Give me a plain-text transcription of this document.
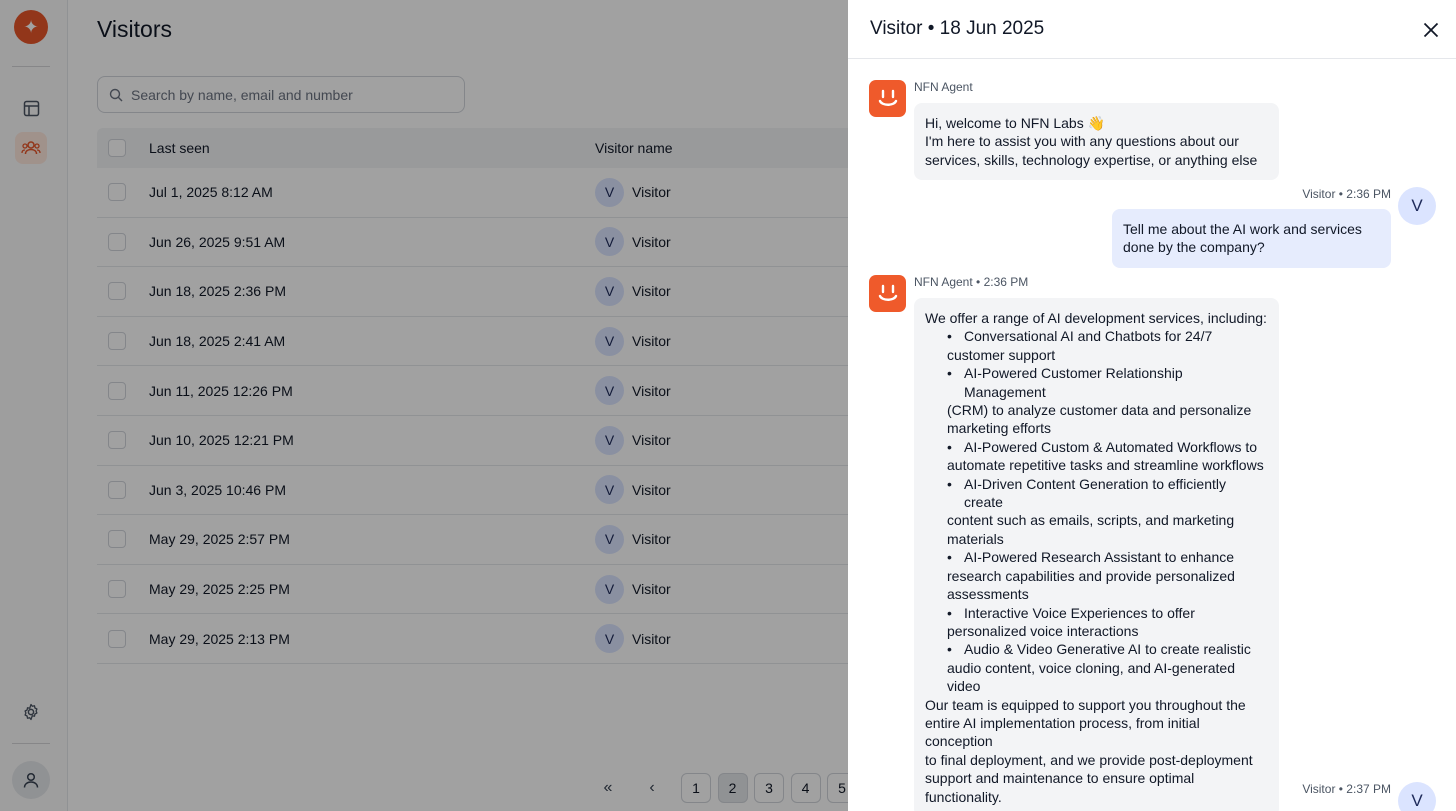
✦	Visitors
Search by name, email and number
Last seen	Visitor name
Jul 1, 2025 8:12 AM	V	Visitor
Jun 26, 2025 9:51 AM	V	Visitor
Jun 18, 2025 2:36 PM	V	Visitor
Jun 18, 2025 2:41 AM	V	Visitor
Jun 11, 2025 12:26 PM	V	Visitor
Jun 10, 2025 12:21 PM	V	Visitor
Jun 3, 2025 10:46 PM	V	Visitor
May 29, 2025 2:57 PM	V	Visitor
May 29, 2025 2:25 PM	V	Visitor
May 29, 2025 2:13 PM	V	Visitor
«	‹	1	2	3	4	5
Visitor • 18 Jun 2025
NFN Agent
Hi, welcome to NFN Labs 👋
I'm here to assist you with any questions about our
services, skills, technology expertise, or anything else
Visitor • 2:36 PM
V
Tell me about the AI work and services
done by the company?
NFN Agent • 2:36 PM
We offer a range of AI development services, including:
• Conversational AI and Chatbots for 24/7
customer support
• AI-Powered Customer Relationship Management
(CRM) to analyze customer data and personalize
marketing efforts
• AI-Powered Custom & Automated Workflows to
automate repetitive tasks and streamline workflows
• AI-Driven Content Generation to efficiently create
content such as emails, scripts, and marketing
materials
• AI-Powered Research Assistant to enhance
research capabilities and provide personalized
assessments
• Interactive Voice Experiences to offer
personalized voice interactions
• Audio & Video Generative AI to create realistic
audio content, voice cloning, and AI-generated
video
Our team is equipped to support you throughout the
entire AI implementation process, from initial conception
to final deployment, and we provide post-deployment
support and maintenance to ensure optimal
functionality.	Visitor • 2:37 PM
V
